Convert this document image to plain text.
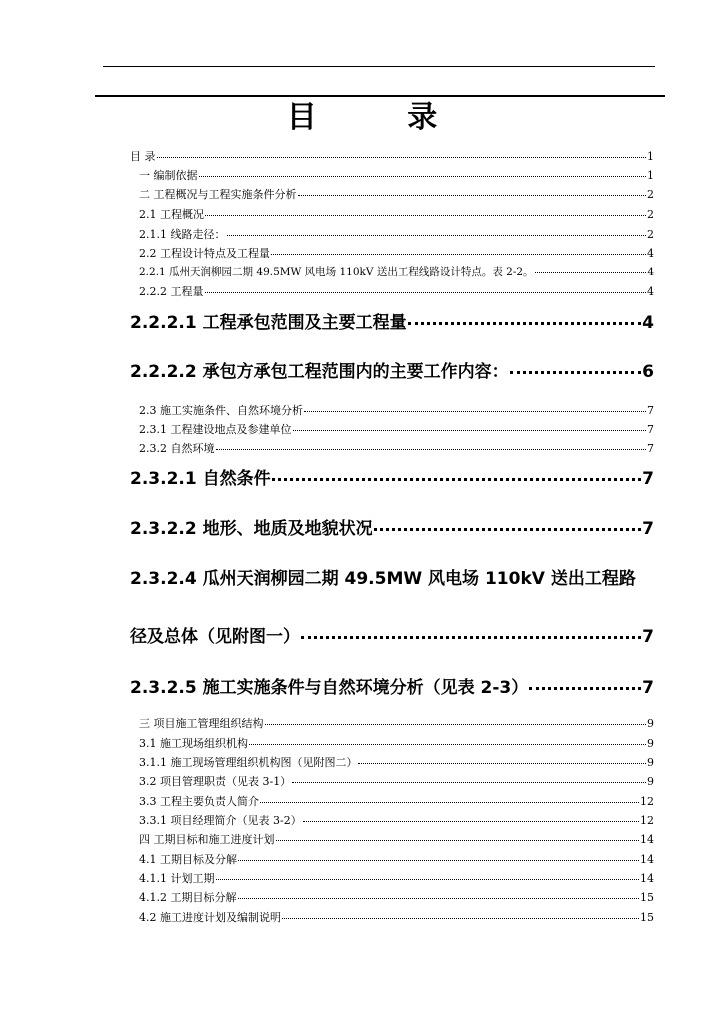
目 录
目 录	1
一 编制依据	1
二 工程概况与工程实施条件分析	2
2.1 工程概况	2
2.1.1 线路走径：	2
2.2 工程设计特点及工程量	4
2.2.1 瓜州天润柳园二期 49.5MW 风电场 110kV 送出工程线路设计特点。表 2-2。	4
2.2.2 工程量	4
2.2.2.1 工程承包范围及主要工程量	4
2.2.2.2 承包方承包工程范围内的主要工作内容：	6
2.3 施工实施条件、自然环境分析	7
2.3.1 工程建设地点及参建单位	7
2.3.2 自然环境	7
2.3.2.1 自然条件	7
2.3.2.2 地形、地质及地貌状况	7
2.3.2.4 瓜州天润柳园二期 49.5MW 风电场 110kV 送出工程路
径及总体（见附图一）	7
2.3.2.5 施工实施条件与自然环境分析（见表 2-3）	7
三 项目施工管理组织结构	9
3.1 施工现场组织机构	9
3.1.1 施工现场管理组织机构图（见附图二）	9
3.2 项目管理职责（见表 3-1）	9
3.3 工程主要负责人简介	12
3.3.1 项目经理简介（见表 3-2）	12
四 工期目标和施工进度计划	14
4.1 工期目标及分解	14
4.1.1 计划工期	14
4.1.2 工期目标分解	15
4.2 施工进度计划及编制说明	15
